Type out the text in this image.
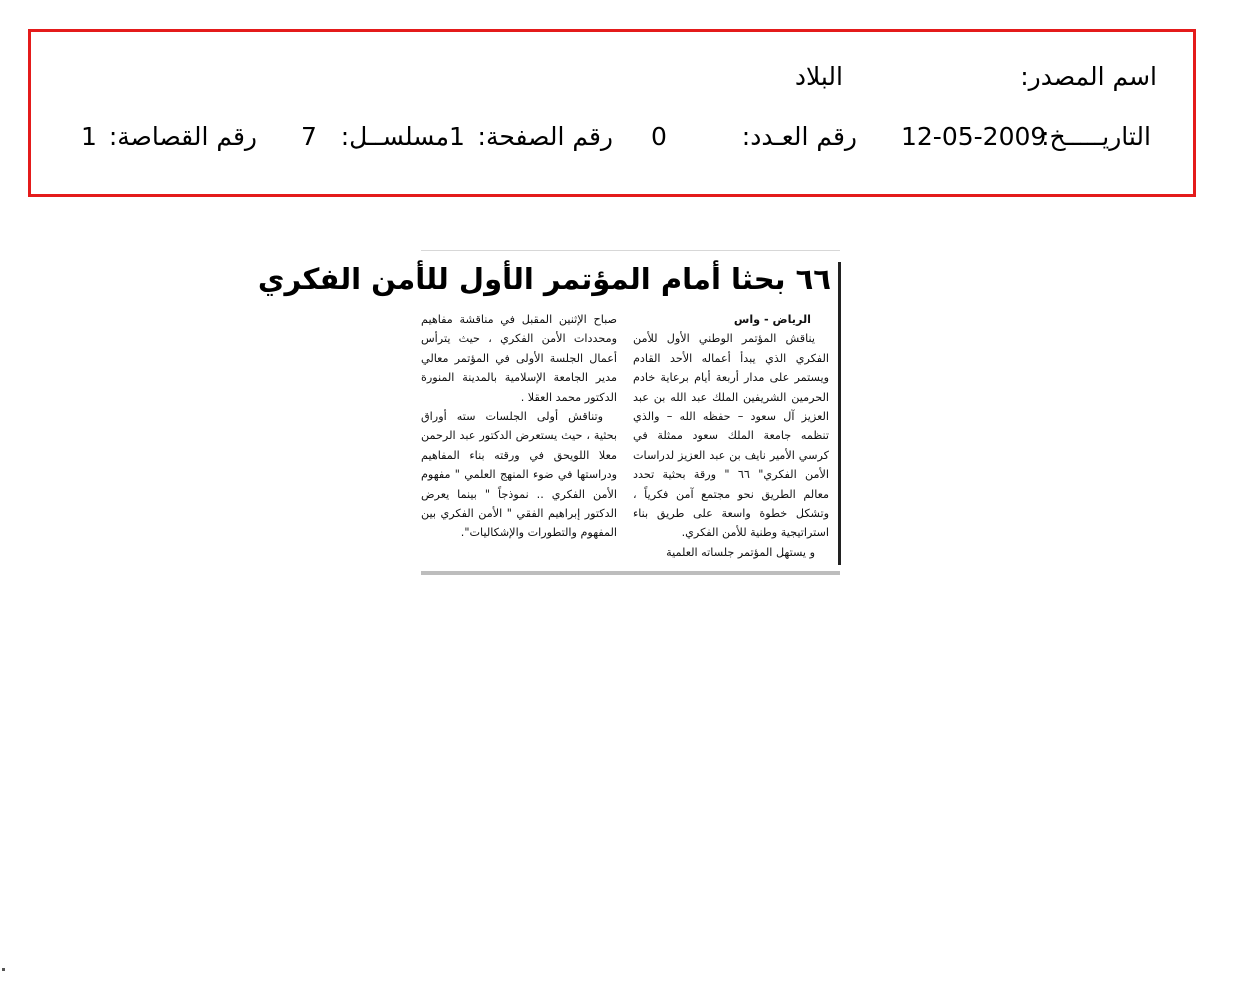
اسم المصدر:
البلاد
التاريـــــخ:
12-05-2009
رقم العـدد:
0
رقم الصفحة:
1
مسلســل:
7
رقم القصاصة:
1
٦٦ بحثا أمام المؤتمر الأول للأمن الفكري
الرياض - واس
يناقش المؤتمر الوطني الأول للأمن الفكري الذي يبدأ أعماله الأحد القادم ويستمر على مدار أربعة أيام برعاية خادم الحرمين الشريفين الملك عبد الله بن عبد العزيز آل سعود – حفظه الله – والذي تنظمه جامعة الملك سعود ممثلة في كرسي الأمير نايف بن عبد العزيز لدراسات الأمن الفكري" ٦٦ " ورقة بحثية تحدد معالم الطريق نحو مجتمع آمن فكرياً ، وتشكل خطوة واسعة على طريق بناء استراتيجية وطنية للأمن الفكري.
و يستهل المؤتمر جلساته العلمية
صباح الإثنين المقبل في مناقشة مفاهيم ومحددات الأمن الفكري ، حيث يترأس أعمال الجلسة الأولى في المؤتمر معالي مدير الجامعة الإسلامية بالمدينة المنورة الدكتور محمد العقلا .
وتناقش أولى الجلسات سته أوراق بحثية ، حيث يستعرض الدكتور عبد الرحمن معلا اللويحق في ورقته بناء المفاهيم ودراستها في ضوء المنهج العلمي " مفهوم الأمن الفكري .. نموذجاً " بينما يعرض الدكتور إبراهيم الفقي " الأمن الفكري بين المفهوم والتطورات والإشكاليات".
